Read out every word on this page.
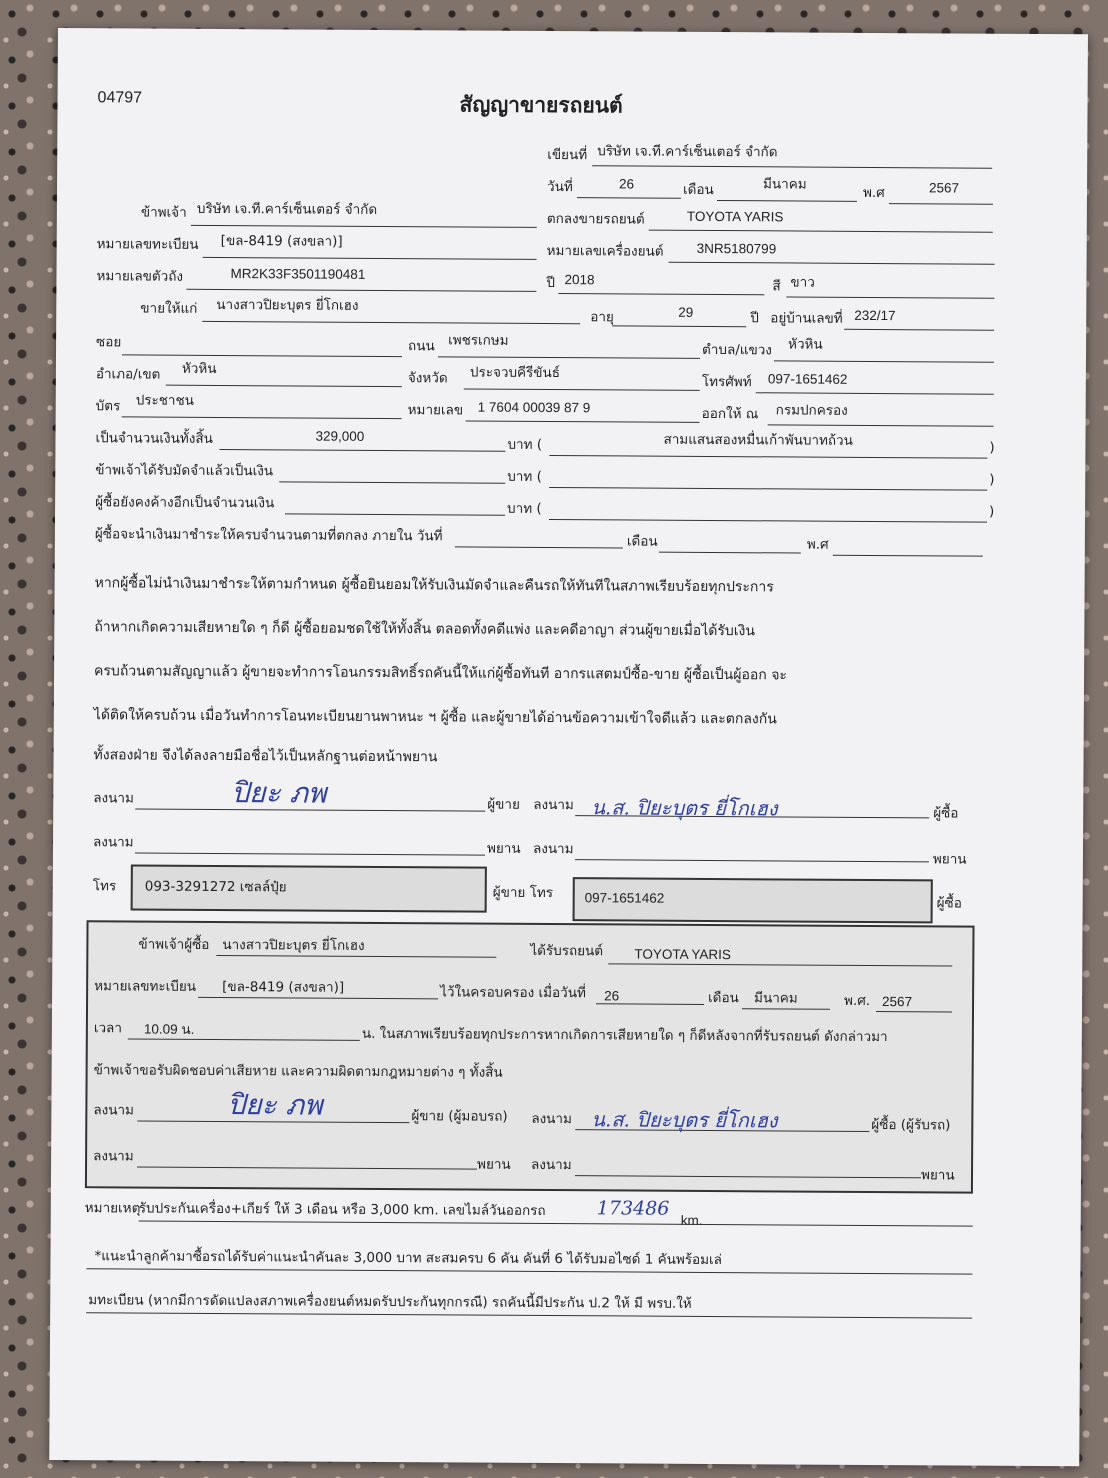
04797	สัญญาขายรถยนต์
เขียนที่ บริษัท เจ.ที.คาร์เซ็นเตอร์ จำกัด
วันที่	26	เดือน	มีนาคม
พ.ศ	2567
ข้าพเจ้า บริษัท เจ.ที.คาร์เซ็นเตอร์ จำกัด
ตกลงขายรถยนต์	TOYOTA YARIS
หมายเลขทะเบียน [ขล-8419 (สงขลา)]
หมายเลขเครื่องยนต์ 3NR5180799
หมายเลขตัวถัง	MR2K33F3501190481
ปี 2018	สี ขาว
ขายให้แก่ นางสาวปิยะบุตร ยี่โกเฮง
อายุ	29	ปี อยู่บ้านเลขที่ 232/17
ซอย	ถนน เพชรเกษม
ตำบล/แขวง หัวหิน
อำเภอ/เขต หัวหิน
จังหวัด ประจวบคีรีขันธ์
โทรศัพท์ 097-1651462
บัตร ประชาชน
หมายเลข 1 7604 00039 87 9	ออกให้ ณ กรมปกครอง
เป็นจำนวนเงินทั้งสิ้น	329,000
บาท (	สามแสนสองหมื่นเก้าพันบาทถ้วน	)
ข้าพเจ้าได้รับมัดจำแล้วเป็นเงิน	บาท (	)
ผู้ซื้อยังคงค้างอีกเป็นจำนวนเงิน	บาท (	)
ผู้ซื้อจะนำเงินมาชำระให้ครบจำนวนตามที่ตกลง ภายใน วันที่	เดือน	พ.ศ
หากผู้ซื้อไม่นำเงินมาชำระให้ตามกำหนด ผู้ซื้อยินยอมให้รับเงินมัดจำและคืนรถให้ทันทีในสภาพเรียบร้อยทุกประการ
ถ้าหากเกิดความเสียหายใด ๆ ก็ดี ผู้ซื้อยอมชดใช้ให้ทั้งสิ้น ตลอดทั้งคดีแพ่ง และคดีอาญา ส่วนผู้ขายเมื่อได้รับเงิน
ครบถ้วนตามสัญญาแล้ว ผู้ขายจะทำการโอนกรรมสิทธิ์รถคันนี้ให้แก่ผู้ซื้อทันที อากรแสตมป์ซื้อ-ขาย ผู้ซื้อเป็นผู้ออก จะ
ได้ติดให้ครบถ้วน เมื่อวันทำการโอนทะเบียนยานพาหนะ ฯ ผู้ซื้อ และผู้ขายได้อ่านข้อความเข้าใจดีแล้ว และตกลงกัน
ทั้งสองฝ่าย จึงได้ลงลายมือชื่อไว้เป็นหลักฐานต่อหน้าพยาน
ลงนาม	ปิยะ ภพ	ผู้ขาย ลงนาม น.ส. ปิยะบุตร ยี่โกเฮง	ผู้ซื้อ
ลงนาม	พยาน ลงนาม
พยาน
โทร 093-3291272 เซลล์ปุ๋ย	ผู้ขาย โทร 097-1651462	ผู้ซื้อ
ข้าพเจ้าผู้ซื้อ นางสาวปิยะบุตร ยี่โกเฮง	ได้รับรถยนต์ TOYOTA YARIS
หมายเลขทะเบียน [ขล-8419 (สงขลา)]	ไว้ในครอบครอง เมื่อวันที่ 26	เดือน มีนาคม	พ.ศ. 2567
เวลา 10.09 น.	น. ในสภาพเรียบร้อยทุกประการหากเกิดการเสียหายใด ๆ ก็ดีหลังจากที่รับรถยนต์ ดังกล่าวมา
ข้าพเจ้าขอรับผิดชอบค่าเสียหาย และความผิดตามกฎหมายต่าง ๆ ทั้งสิ้น
ลงนาม	ปิยะ ภพ	ผู้ขาย (ผู้มอบรถ) ลงนาม น.ส. ปิยะบุตร ยี่โกเฮง	ผู้ซื้อ (ผู้รับรถ)
ลงนาม
พยาน ลงนาม
พยาน
หมายเหตุ
รับประกันเครื่อง+เกียร์ ให้ 3 เดือน หรือ 3,000 km. เลขไมล์วันออกรถ	173486
km.
*แนะนำลูกค้ามาซื้อรถได้รับค่าแนะนำคันละ 3,000 บาท สะสมครบ 6 คัน คันที่ 6 ได้รับมอไซด์ 1 คันพร้อมเล่
มทะเบียน (หากมีการดัดแปลงสภาพเครื่องยนต์หมดรับประกันทุกกรณี) รถคันนี้มีประกัน ป.2 ให้ มี พรบ.ให้
